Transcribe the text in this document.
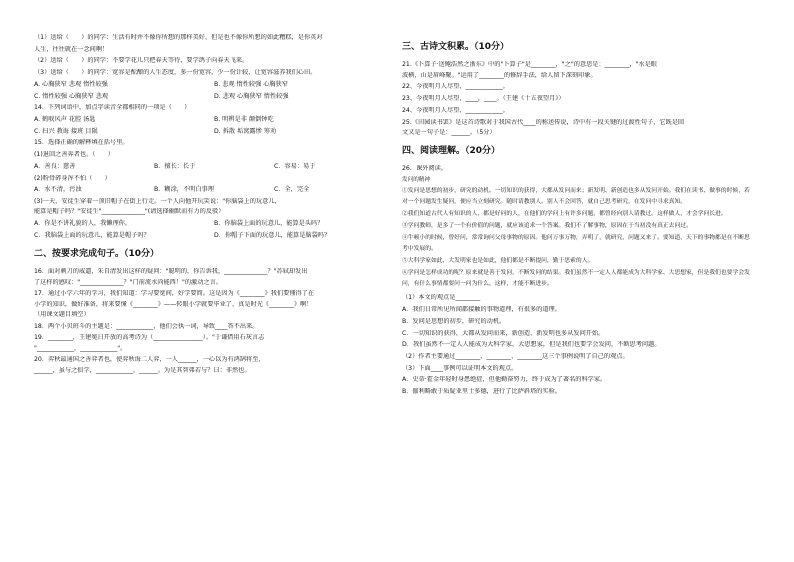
（1）送给（　　）的同学：生活有时并不像你所想的那样美好，但是也不像你所想的如此糟糕，是你英对
人生，往往就在一念间啊！
（2）送给（　　）的同学：不要学花儿只把春天等待，要学鸽子向春天飞来。
（3）送给（　　）的同学：宽容是酝酿的人生态度，多一份宽容，少一份计较，让宽容滋养我们心田。
A. 心胸狭窄 悲观 惰性较强	B. 悲观 惰性较强 心胸狭窄
C. 惰性较强 心胸狭窄 悲观	D. 悲观 心胸狭窄 惰性较强
14．下列词语中，加点字读音全都相同的一项是（　　）
A. 鹤唳风声 花腔 汤匙	B. 明辨是非 颠倒钟吃
C. 扫兴 教诲 接班 目陨	D. 拆散 垢窝露惨 筹劝
15．选择正确的解释填在括号里。
(1)退回之善奔者也。（　　）
A．善良：慈善	B．擅长：长于	C．容易：易于
(2)粉骨碎身浑不怕（　　）
A．水不清，污浊	B．糊涂，不明白事理	C．全，完全
(3)一天，安徒生穿着一顶旧帽子在街上行走。一个人向他开玩笑说："你脑袋上的玩意儿，
能算是帽子吗？"安徒生"______________"(请选择幽默而有力的反驳）
A．你是不讲礼貌的人，我懒理你。	B．你脑袋上面的玩意儿，能算是头吗？
C．我脑袋上面的玩意儿，能算是帽子吗？	D．你帽子下面的玩意儿，能算是脑袋吗？
二、按要求完成句子。（10分）
16．面对刺刀的威逼，朱自清发出这样的疑问："聪明的，你告诉我，______________？"苏轼却发出
了这样的感叹："______________？"门前流水尚能西！"的激动之言。
17．通过小学六年的学习，我们知道：学习要宽间，好学要简。这是因为《________》我们要懂得了在
小学的知识。做好准备，将来要懂《________》——转眼小学就要毕业了，真是时光《________》啊！
（用课文题目填空）
18．两个小贝班斗的主题是：____________，他们会执一词，导致____答不出来。
19．________，王建冕日开放的高考诗为（________________）。"于谦借用石灰言志
"____________，____________"。
20．弈秋最通国之善弈者也，使弈秋诲二人弈，一人______，一心以为有鸿鹄将至，
______，虽与之俱学，____________，______。为是其智弗若与？曰：非然也。
三、古诗文积累。（10分）
21.《卜算子·送鲍浩然之浙东》中的"卜算子"是________，"之"的意思是：________，"水是眼
波横，山是眉峰聚。"运用了________的修辞手法，给人留下深刻印象。
22、今夜明月人尽望，____________。
23、今夜明月人尽望，____，____。（王建《十五夜望月》）
24、今夜明月人尽望，____________。
25.《田园读书罢》是这首诗歌对于我国古代____的称送传说，诗中有一段关键的过渡性句子，它既是回
文又是一句子是：______。（5分）
四、阅读理解。（20分）
26．课外阅读。
发问的精神

①发问是思想的初步，研究的动机。一切知识的获得，大都从发问而来；新发明、新创造也多从发问开始。我们在读书、做事的时候，若对一个问题发生疑问，便应当立刻研究。随时请教别人。别人不会回答，就自己思考研究，在发问中寻求真知。

②我们知道古代人有知识的人，都是好问的人，在他们的学问上有许多问题，都曾经向别人请教过。这样做人，才会学问长进。

③学问教师，是多了一个有价值的问题，就应该追求一个答案。我们不了解事物，原因在于当初没有真正去问过。

④牛顿小的时候，曾好问，常常询问父母事物的原因。他问万事万物，弄明了，就研究，问题又来了。要知道，天下的事物都是在不断思考中发展的。

⑤大科学家如此，大发明家也是如此，他们都是不断提问，勤于思索的人。

⑥学问是怎样成功的呢？原来就是善于发问，不断发问的结果。我们虽然不一定人人都能成为大科学家、大思想家，但是我们也要学会发问，有什么事情都要问一问为什么，这样，才能不断进步。

（1）本文的观点是________
A．我们日常所见所闻都接触的事物道理，有很多的道理。
B．发问是思想的初步，研究的动机。
C．一切知识的获得，大都从发问而来，新创造、新发明也多从发问开始。
D．我们虽然不一定人人能成为大科学家，大思想家，但是我们也要学会发问，不断思考问题。
（2）作者主要通过________、________、________这三个事例说明了自己的观点。
（3）下面____事例可以证明本文的观点。
A．史蒂·霍金年轻时身患绝症，但他勤奋努力，终于成为了著名的科学家。
B．伽利略敢于质疑亚里士多德，进行了比萨斜塔的实验。
